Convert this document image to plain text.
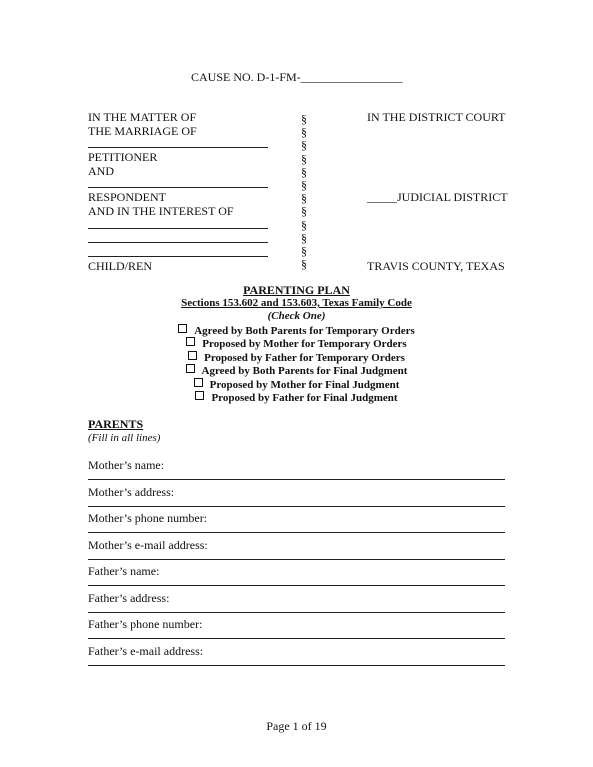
CAUSE NO. D-1-FM-_________________
IN THE MATTER OF
THE MARRIAGE OF
PETITIONER
AND
RESPONDENT
AND IN THE INTEREST OF
CHILD/REN
§
§
§
§
§
§
§
§
§
§
§
§
IN THE DISTRICT COURT
_____JUDICIAL DISTRICT
TRAVIS COUNTY, TEXAS
PARENTING PLAN
Sections 153.602 and 153.603, Texas Family Code
(Check One)
Agreed by Both Parents for Temporary Orders
Proposed by Mother for Temporary Orders
Proposed by Father for Temporary Orders
Agreed by Both Parents for Final Judgment
Proposed by Mother for Final Judgment
Proposed by Father for Final Judgment
PARENTS
(Fill in all lines)
Mother’s name:
Mother’s address:
Mother’s phone number:
Mother’s e-mail address:
Father’s name:
Father’s address:
Father’s phone number:
Father’s e-mail address:
Page 1 of 19
